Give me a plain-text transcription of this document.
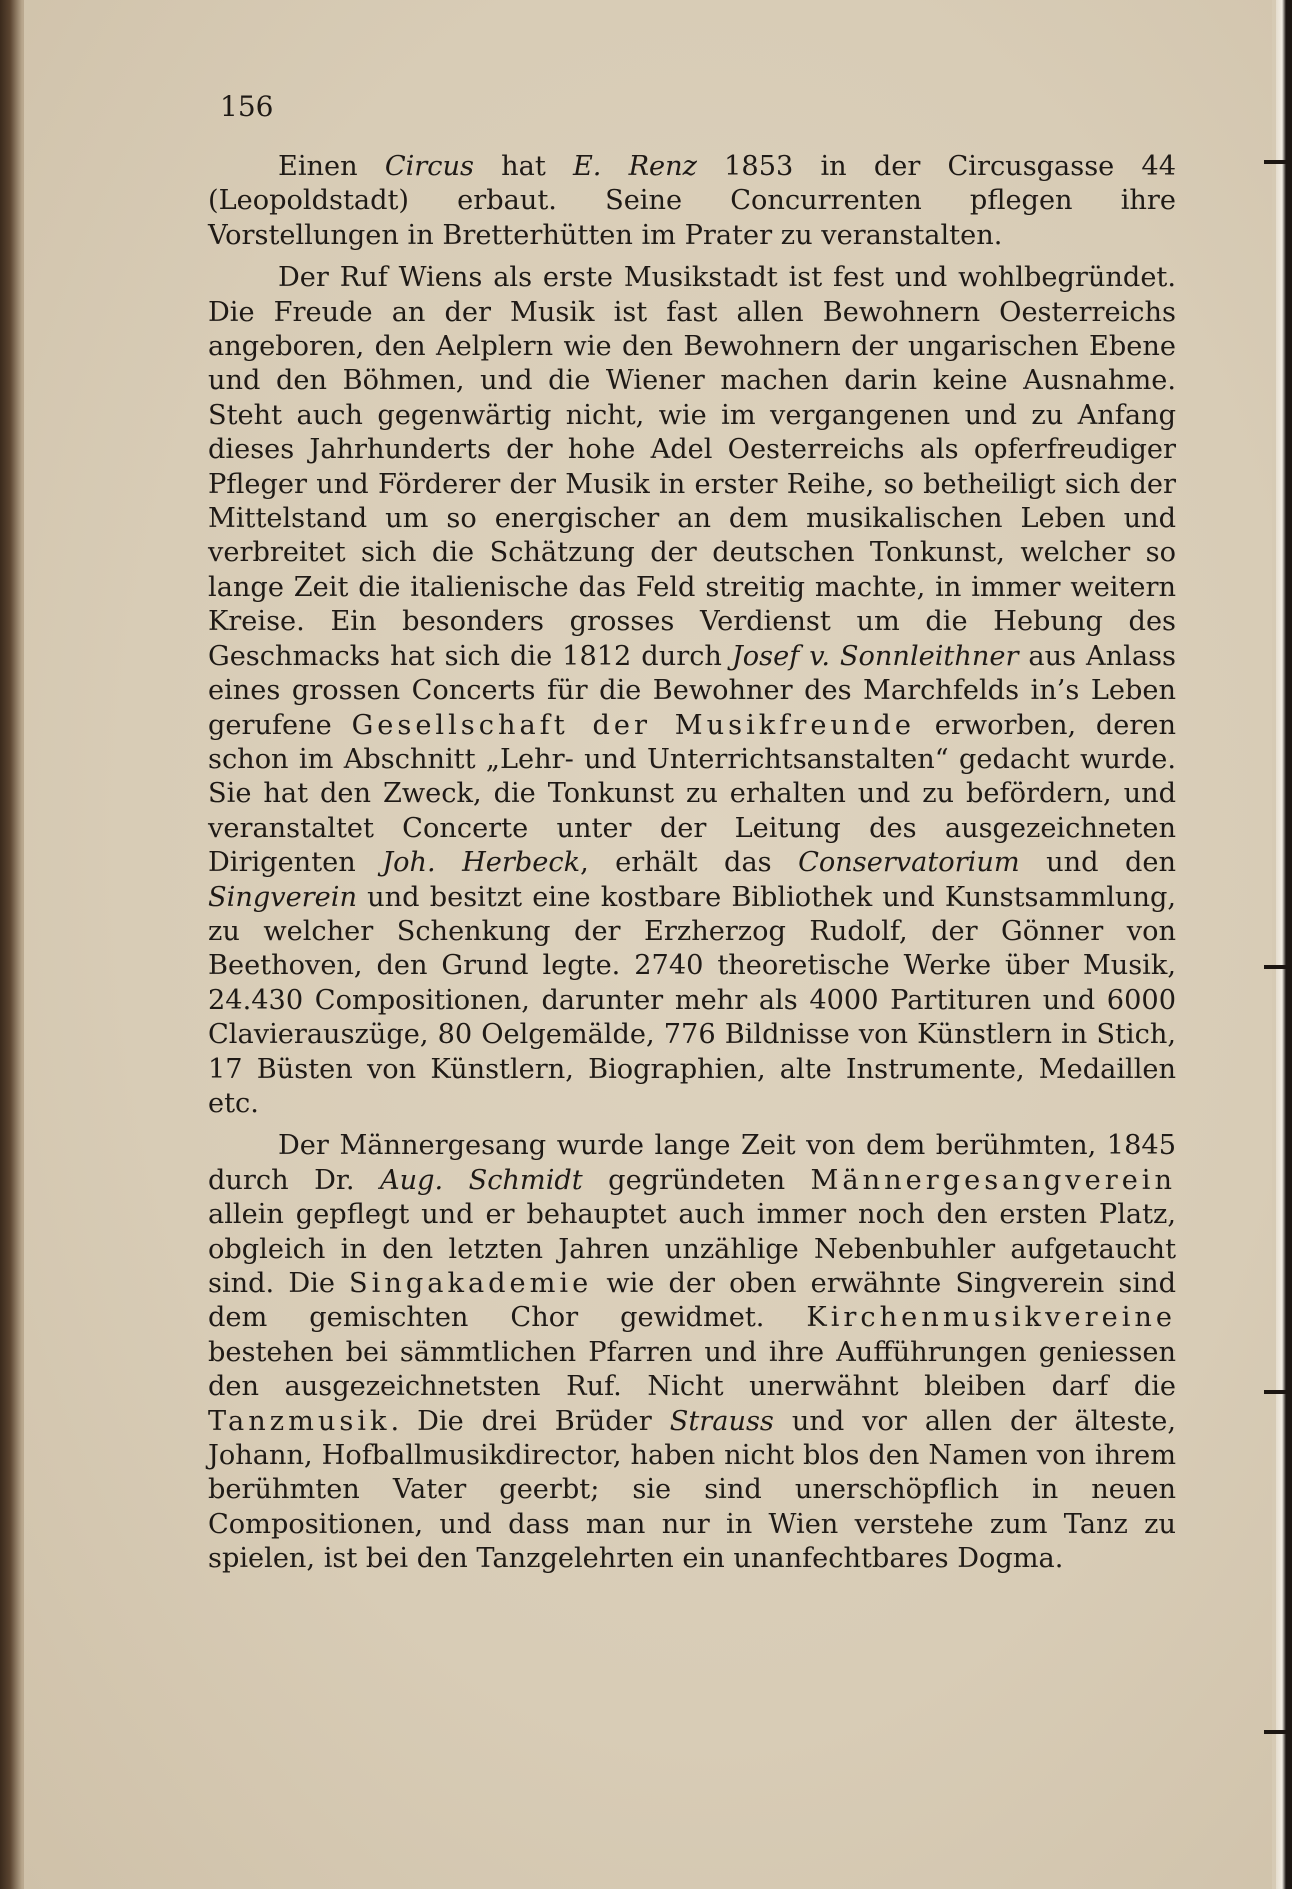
156

Einen Circus hat E. Renz 1853 in der Circusgasse 44 (Leopoldstadt) erbaut. Seine Concurrenten pflegen ihre Vorstellungen in Bretterhütten im Prater zu veranstalten.

Der Ruf Wiens als erste Musikstadt ist fest und wohlbegründet. Die Freude an der Musik ist fast allen Bewohnern Oesterreichs angeboren, den Aelplern wie den Bewohnern der ungarischen Ebene und den Böhmen, und die Wiener machen darin keine Ausnahme. Steht auch gegenwärtig nicht, wie im vergangenen und zu Anfang dieses Jahrhunderts der hohe Adel Oesterreichs als opferfreudiger Pfleger und Förderer der Musik in erster Reihe, so betheiligt sich der Mittelstand um so energischer an dem musikalischen Leben und verbreitet sich die Schätzung der deutschen Tonkunst, welcher so lange Zeit die italienische das Feld streitig machte, in immer weitern Kreise. Ein besonders grosses Verdienst um die Hebung des Geschmacks hat sich die 1812 durch Josef v. Sonnleithner aus Anlass eines grossen Concerts für die Bewohner des Marchfelds in’s Leben gerufene Gesellschaft der Musikfreunde erworben, deren schon im Abschnitt „Lehr- und Unterrichtsanstalten“ gedacht wurde. Sie hat den Zweck, die Tonkunst zu erhalten und zu befördern, und veranstaltet Concerte unter der Leitung des ausgezeichneten Dirigenten Joh. Herbeck, erhält das Conservatorium und den Singverein und besitzt eine kostbare Bibliothek und Kunstsammlung, zu welcher Schenkung der Erzherzog Rudolf, der Gönner von Beethoven, den Grund legte. 2740 theoretische Werke über Musik, 24.430 Compositionen, darunter mehr als 4000 Partituren und 6000 Clavierauszüge, 80 Oelgemälde, 776 Bildnisse von Künstlern in Stich, 17 Büsten von Künstlern, Biographien, alte Instrumente, Medaillen etc.

Der Männergesang wurde lange Zeit von dem berühmten, 1845 durch Dr. Aug. Schmidt gegründeten Männergesangverein allein gepflegt und er behauptet auch immer noch den ersten Platz, obgleich in den letzten Jahren unzählige Nebenbuhler aufgetaucht sind. Die Singakademie wie der oben erwähnte Singverein sind dem gemischten Chor gewidmet. Kirchenmusikvereine bestehen bei sämmtlichen Pfarren und ihre Aufführungen geniessen den ausgezeichnetsten Ruf. Nicht unerwähnt bleiben darf die Tanzmusik. Die drei Brüder Strauss und vor allen der älteste, Johann, Hofballmusikdirector, haben nicht blos den Namen von ihrem berühmten Vater geerbt; sie sind unerschöpflich in neuen Compositionen, und dass man nur in Wien verstehe zum Tanz zu spielen, ist bei den Tanzgelehrten ein unanfechtbares Dogma.
